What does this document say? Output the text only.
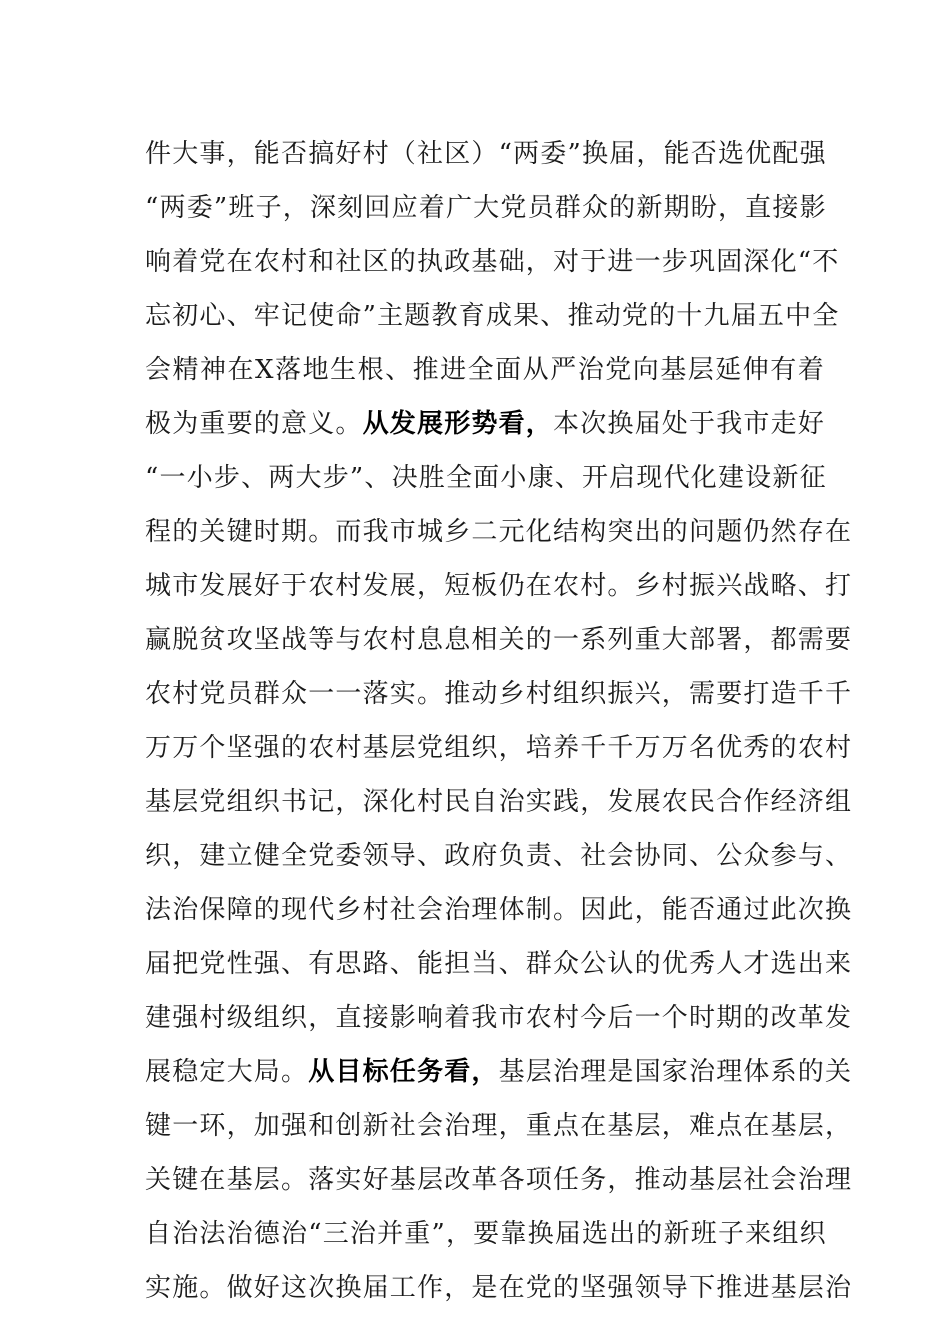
件大事，能否搞好村（社区）“两委”换届，能否选优配强
“两委”班子，深刻回应着广大党员群众的新期盼，直接影
响着党在农村和社区的执政基础，对于进一步巩固深化“不
忘初心、牢记使命”主题教育成果、推动党的十九届五中全
会精神在X落地生根、推进全面从严治党向基层延伸有着
极为重要的意义。从发展形势看，本次换届处于我市走好
“一小步、两大步”、决胜全面小康、开启现代化建设新征
程的关键时期。而我市城乡二元化结构突出的问题仍然存在
城市发展好于农村发展，短板仍在农村。乡村振兴战略、打
赢脱贫攻坚战等与农村息息相关的一系列重大部署，都需要
农村党员群众一一落实。推动乡村组织振兴，需要打造千千
万万个坚强的农村基层党组织，培养千千万万名优秀的农村
基层党组织书记，深化村民自治实践，发展农民合作经济组
织，建立健全党委领导、政府负责、社会协同、公众参与、
法治保障的现代乡村社会治理体制。因此，能否通过此次换
届把党性强、有思路、能担当、群众公认的优秀人才选出来
建强村级组织，直接影响着我市农村今后一个时期的改革发
展稳定大局。从目标任务看，基层治理是国家治理体系的关
键一环，加强和创新社会治理，重点在基层，难点在基层，
关键在基层。落实好基层改革各项任务，推动基层社会治理
自治法治德治“三治并重”，要靠换届选出的新班子来组织
实施。做好这次换届工作，是在党的坚强领导下推进基层治
